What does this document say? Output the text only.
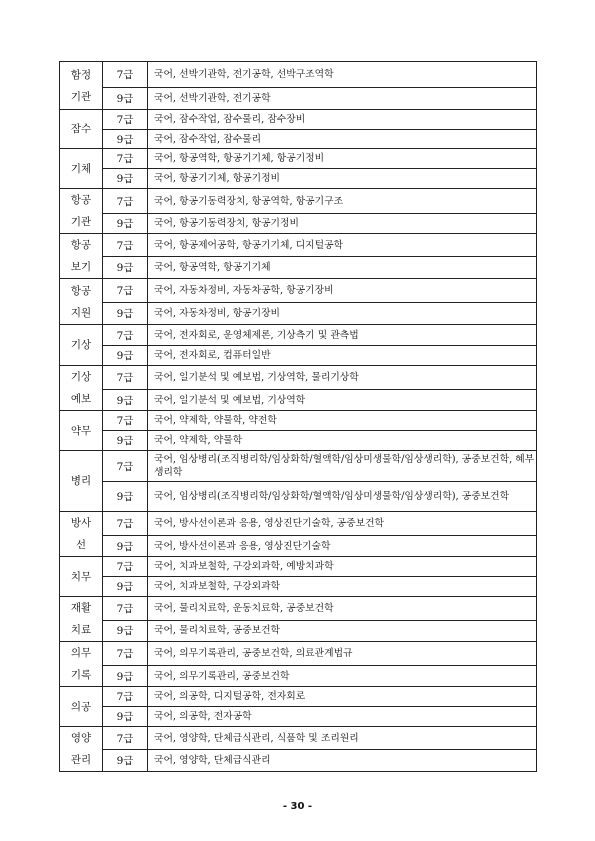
함정
기관	7급	국어, 선박기관학, 전기공학, 선박구조역학
	9급	국어, 선박기관학, 전기공학

잠수	7급	국어, 잠수작업, 잠수물리, 잠수장비
	9급	국어, 잠수작업, 잠수물리

기체	7급	국어, 항공역학, 항공기기체, 항공기정비
	9급	국어, 항공기기체, 항공기정비

항공
기관	7급	국어, 항공기동력장치, 항공역학, 항공기구조
	9급	국어, 항공기동력장치, 항공기정비

항공
보기	7급	국어, 항공제어공학, 항공기기체, 디지털공학
	9급	국어, 항공역학, 항공기기체

항공
지원	7급	국어, 자동차정비, 자동차공학, 항공기장비
	9급	국어, 자동차정비, 항공기장비

기상	7급	국어, 전자회로, 운영체제론, 기상측기 및 관측법
	9급	국어, 전자회로, 컴퓨터일반

기상
예보	7급	국어, 일기분석 및 예보법, 기상역학, 물리기상학
	9급	국어, 일기분석 및 예보법, 기상역학

약무	7급	국어, 약제학, 약물학, 약전학
	9급	국어, 약제학, 약물학

병리	7급	국어, 임상병리(조직병리학/임상화학/혈액학/임상미생물학/임상생리학), 공중보건학, 혜부생리학
	9급	국어, 임상병리(조직병리학/임상화학/혈액학/임상미생물학/임상생리학), 공중보건학

방사
선	7급	국어, 방사선이론과 응용, 영상진단기술학, 공중보건학
	9급	국어, 방사선이론과 응용, 영상진단기술학

치무	7급	국어, 치과보철학, 구강외과학, 예방치과학
	9급	국어, 치과보철학, 구강외과학

재활
치료	7급	국어, 물리치료학, 운동치료학, 공중보건학
	9급	국어, 물리치료학, 공중보건학

의무
기록	7급	국어, 의무기록관리, 공중보건학, 의료관계법규
	9급	국어, 의무기록관리, 공중보건학

의공	7급	국어, 의공학, 디지털공학, 전자회로
	9급	국어, 의공학, 전자공학

영양
관리	7급	국어, 영양학, 단체급식관리, 식품학 및 조리원리
	9급	국어, 영양학, 단체급식관리
- 30 -
